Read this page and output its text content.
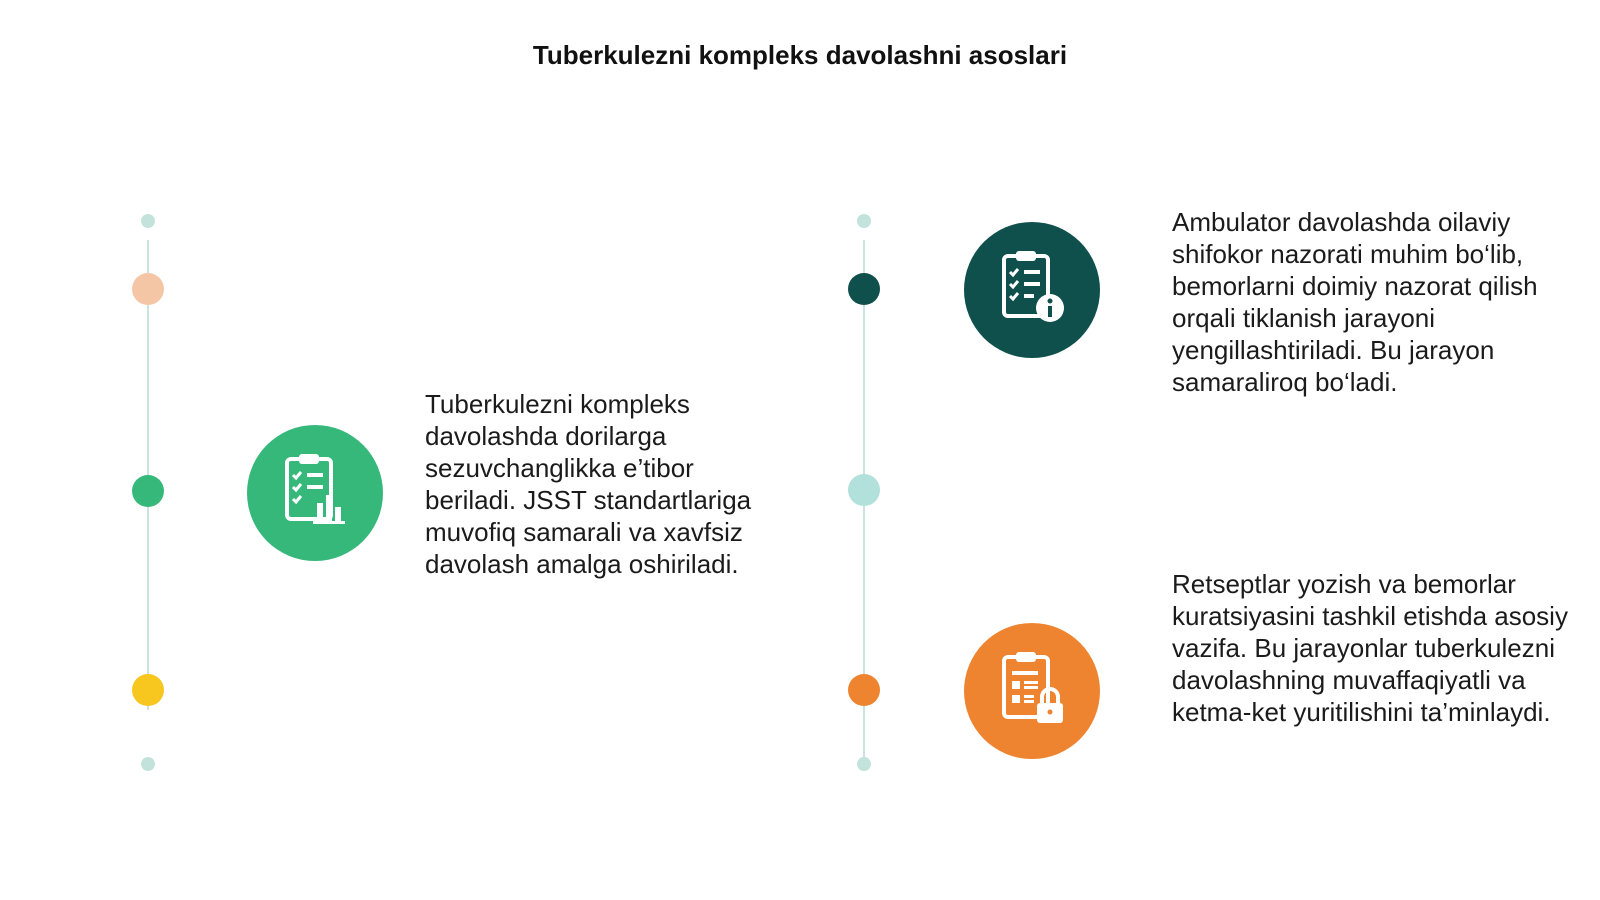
Tuberkulezni kompleks davolashni asoslari
Tuberkulezni kompleks davolashda dorilarga sezuvchanglikka e’tibor beriladi. JSST standartlariga muvofiq samarali va xavfsiz davolash amalga oshiriladi.
Ambulator davolashda oilaviy shifokor nazorati muhim bo‘lib, bemorlarni doimiy nazorat qilish orqali tiklanish jarayoni yengillashtiriladi. Bu jarayon samaraliroq bo‘ladi.
Retseptlar yozish va bemorlar kuratsiyasini tashkil etishda asosiy vazifa. Bu jarayonlar tuberkulezni davolashning muvaffaqiyatli va ketma-ket yuritilishini ta’minlaydi.
